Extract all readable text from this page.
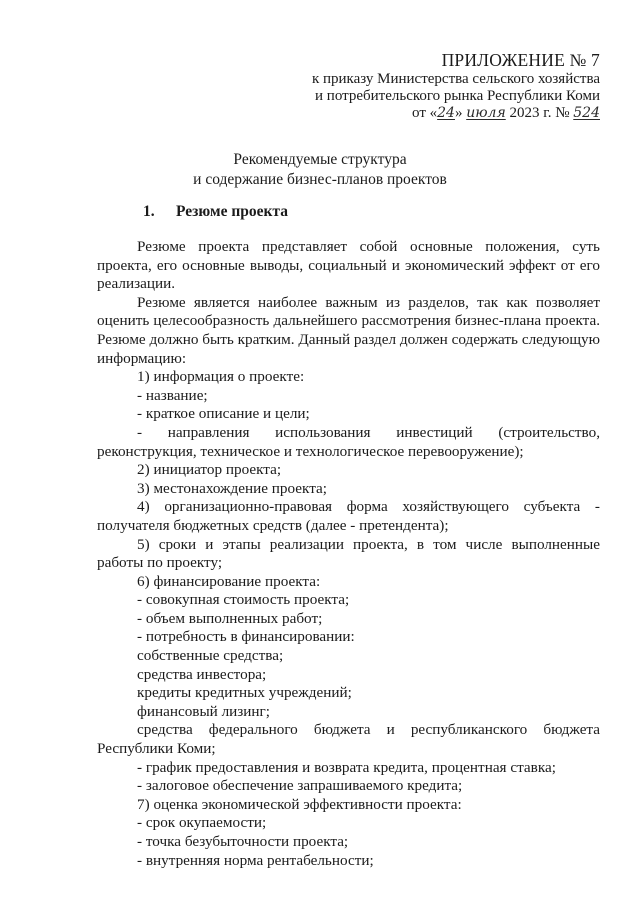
ПРИЛОЖЕНИЕ № 7
к приказу Министерства сельского хозяйства
и потребительского рынка Республики Коми
от «24» июля 2023 г. № 524
Рекомендуемые структура
и содержание бизнес-планов проектов
1. Резюме проекта

Резюме проекта представляет собой основные положения, суть проекта, его основные выводы, социальный и экономический эффект от его реализации.

Резюме является наиболее важным из разделов, так как позволяет оценить целесообразность дальнейшего рассмотрения бизнес-плана проекта. Резюме должно быть кратким. Данный раздел должен содержать следующую информацию:

1) информация о проекте:

- название;

- краткое описание и цели;

- направления использования инвестиций (строительство, реконструкция, техническое и технологическое перевооружение);

2) инициатор проекта;

3) местонахождение проекта;

4) организационно-правовая форма хозяйствующего субъекта - получателя бюджетных средств (далее - претендента);

5) сроки и этапы реализации проекта, в том числе выполненные работы по проекту;

6) финансирование проекта:

- совокупная стоимость проекта;

- объем выполненных работ;

- потребность в финансировании:

собственные средства;

средства инвестора;

кредиты кредитных учреждений;

финансовый лизинг;

средства федерального бюджета и республиканского бюджета Республики Коми;

- график предоставления и возврата кредита, процентная ставка;

- залоговое обеспечение запрашиваемого кредита;

7) оценка экономической эффективности проекта:

- срок окупаемости;

- точка безубыточности проекта;

- внутренняя норма рентабельности;
